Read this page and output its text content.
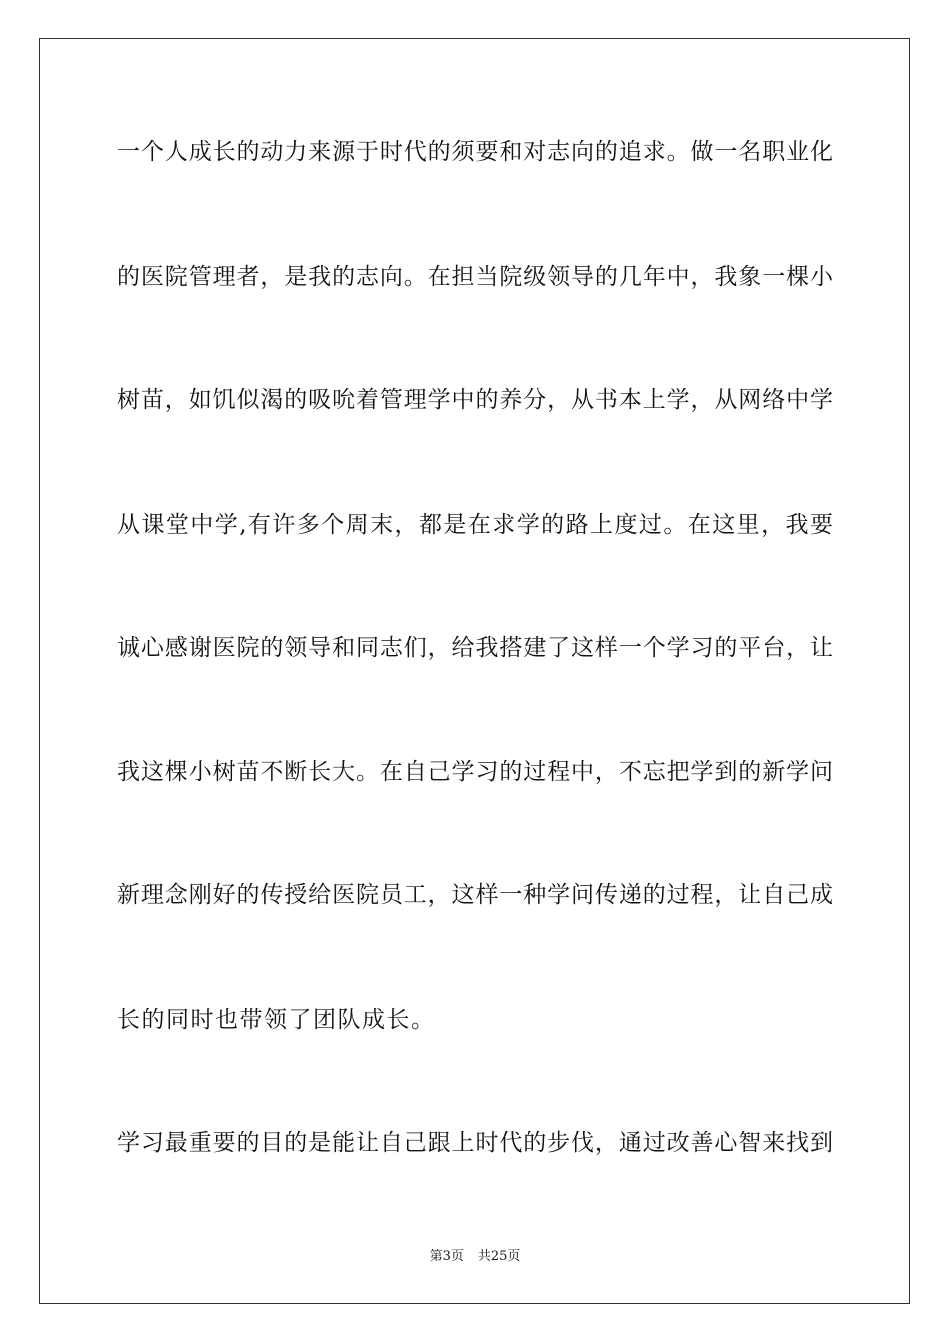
一个人成长的动力来源于时代的须要和对志向的追求。做一名职业化
的医院管理者，是我的志向。在担当院级领导的几年中，我象一棵小
树苗，如饥似渴的吸吮着管理学中的养分，从书本上学，从网络中学
从课堂中学,有许多个周末，都是在求学的路上度过。在这里，我要
诚心感谢医院的领导和同志们，给我搭建了这样一个学习的平台，让
我这棵小树苗不断长大。在自己学习的过程中，不忘把学到的新学问
新理念刚好的传授给医院员工，这样一种学问传递的过程，让自己成
长的同时也带领了团队成长。
学习最重要的目的是能让自己跟上时代的步伐，通过改善心智来找到
第3页 共25页
